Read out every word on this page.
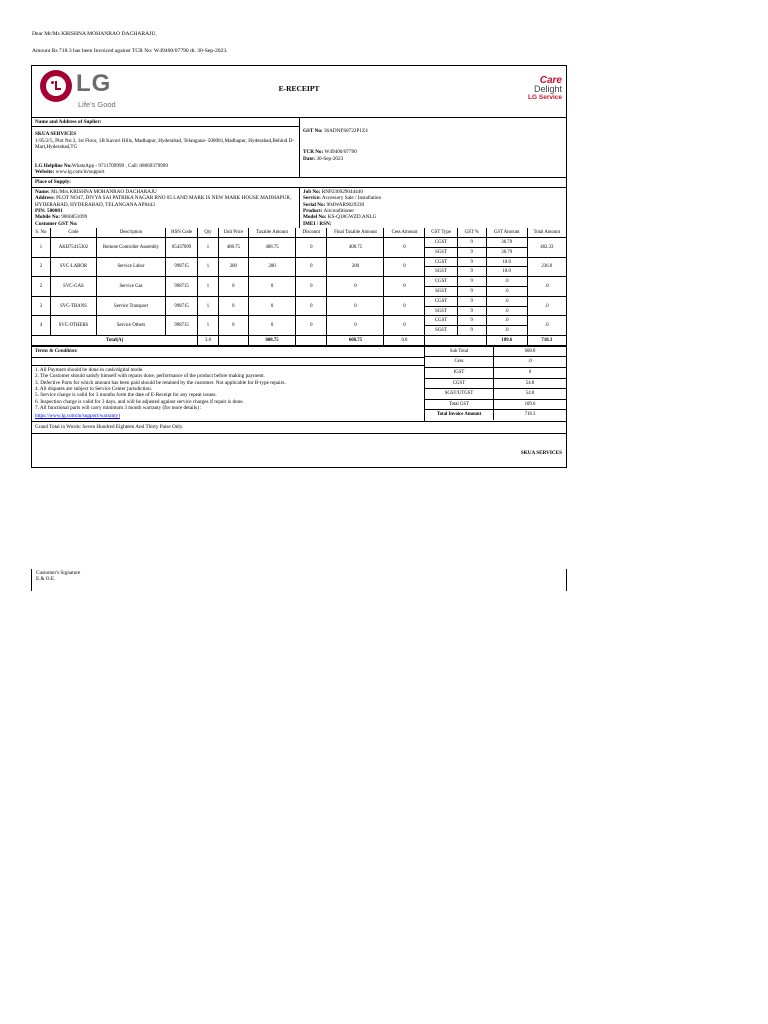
Dear Mr/Ms KRISHNA MOHANRAO DACHARAJU,
Amount Rs 718.3 has been Invoiced against TCR No: W49400/07790 dt. 30-Sep-2023.
LG
Life's Good
E-RECEIPT
Care
Delight
LG Service
Name and Address of Suplier:
SKUA SERVICES
1-95/2/5, Plot No:3, 1st Floor, 1B Kavuri Hills, Madhapur, Hyderabad, Telangana- 500081,Madhapur, Hyderabad,Behind D-Mart,Hyderabad,TG
LG Helpline No:WhatsApp - 9711709999 , Call: 08069379999
Website: www.lg.com/in/support
GST No: 36ADNFS8722P1Z4
TCR No: W49400/07790
Date: 30-Sep-2023
Place of Supply:
Name: Mr./Mrs.KRISHNA MOHANRAO DACHARAJU
Address: PLOT NO47, DIVYA SAI PATRIKA NAGAR RNO 05 LAND MARK IS NEW MARK HOUSE MADHAPUR, HYDERABAD, HYDERABAD, TELANGANA AP0443
PIN: 500081
Mobile No: 9866851099
Customer GST No:
Job No: RNP230929044440
Service: Accessory Sale / Installation
Serial No: 904WAR9029230
Product: Airconditioner
Model No: KS-Q18GWZD.ANLG
IMEI / RSN:
S. No	Code	Description	HSN Code	Qty	Unit Price	Taxable Amount	Discount	Final Taxable Amount	Cess Amount	GST Type	GST %	GST Amount	Total Amount
1	AKB75415302	Remote Controller Assembly	85437099	1	408.75	408.75	0	408.75	0	CGST	9	36.79	482.33
										SGST	9	36.79	
2	SVC-LABOR	Service Labor	998715	1	200	200	0	200	0	CGST	9	18.0	236.0
										SGST	9	18.0	
2	SVC-GAS	Service Gas	998715	1	0	0	0	0	0	CGST	9	.0	.0
										SGST	9	.0	
3	SVC-TRANS	Service Transport	998715	1	0	0	0	0	0	CGST	9	.0	.0
										SGST	9	.0	
4	SVC-OTHERS	Service Others	998715	1	0	0	0	0	0	CGST	9	.0	.0
										SGST	9	.0	
Total(A)				3.0		608.75		608.75	0.0			109.6	718.3
Terms & Condition:
1. All Payment should be done in cash/digital mode.
2. The Customer should satisfy himself with repairs done, performance of the product before making payment.
3. Defective Parts for which amount has been paid should be retained by the customer. Not applicable for B-type repairs.
4. All disputes are subject to Service Center jurisdiction.
5. Service charge is valid for 3 months form the date of E-Receipt for any repeat issues.
6. Inspection charge is valid for 3 days, and will be adjusted against service charges if repair is done.
7. All functional parts will carry minimum 3 month warranty (for more details) :
https://www.lg.com/in/support/warranty)
Sub Total	608.8
Cess	.0
IGST	0
CGST	54.8
SGST/UTGST	54.8
Total GST	109.6
Total Invoice Amount	718.3
Grand Total in Words: Seven Hundred Eighteen And Thirty Paise Only.
SKUA SERVICES
Customer's Signature
E.& O.E.
